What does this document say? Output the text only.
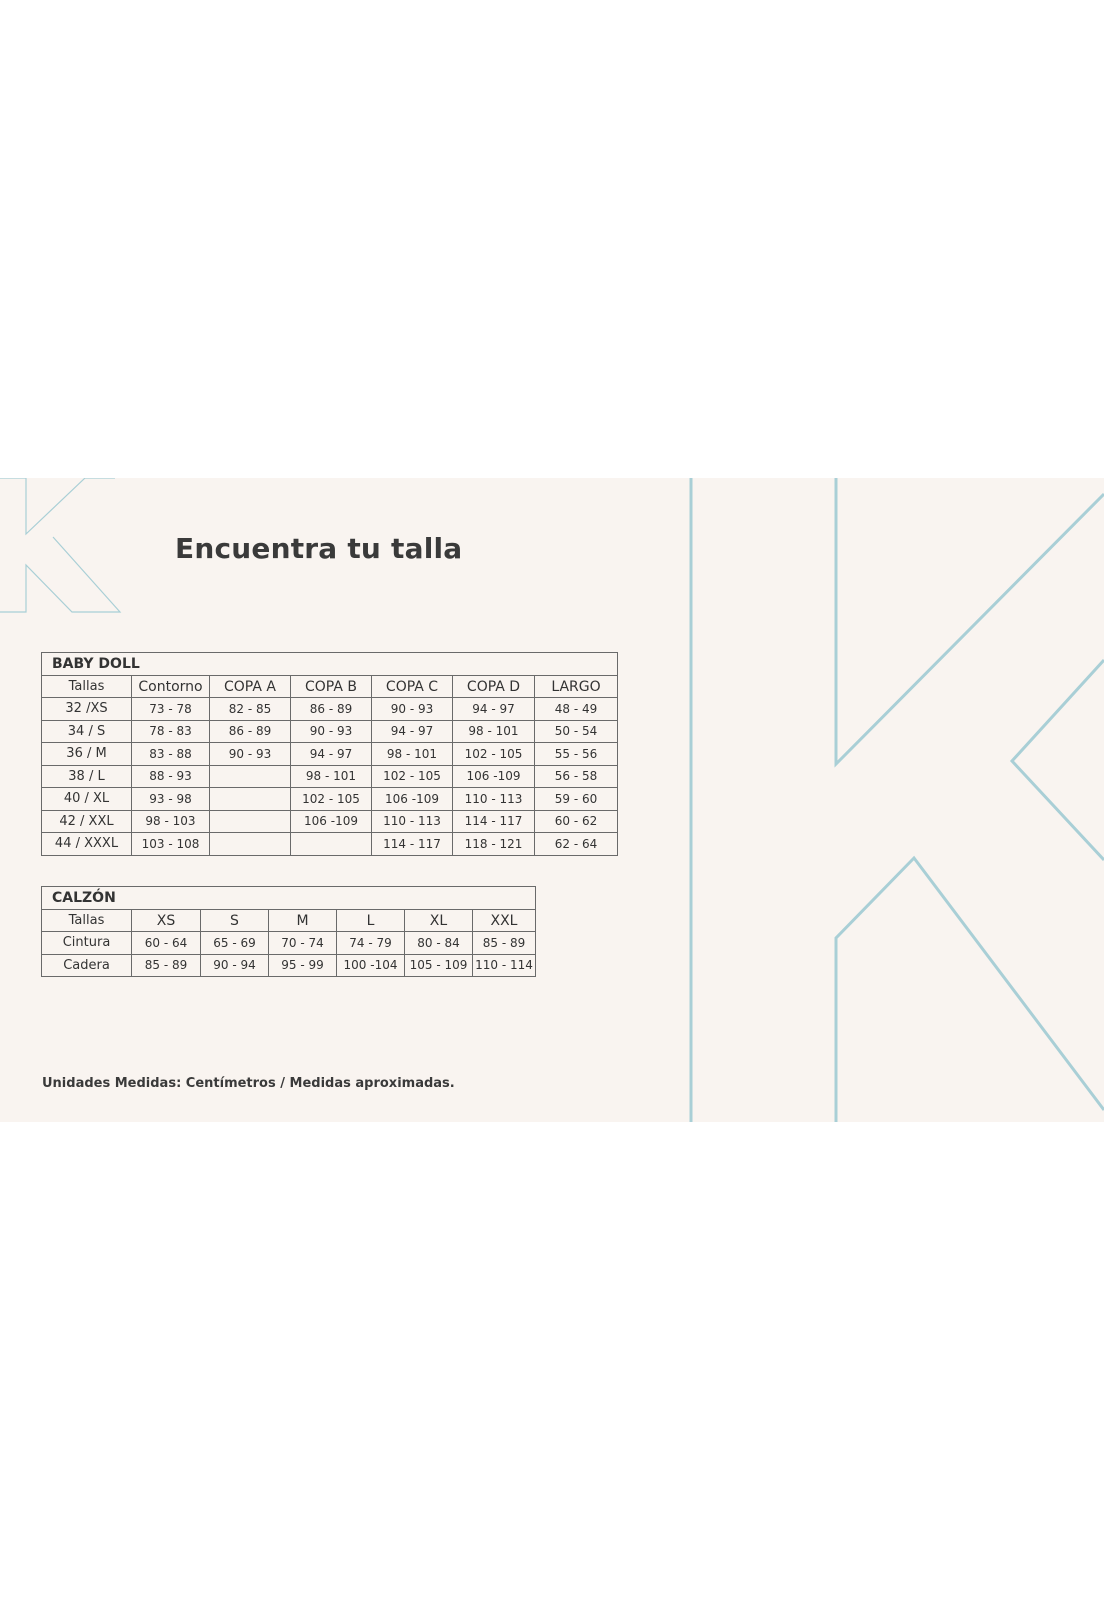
Encuentra tu talla
BABY DOLL						
Tallas	Contorno	COPA A	COPA B	COPA C	COPA D	LARGO
32 /XS	73 - 78	82 - 85	86 - 89	90 - 93	94 - 97	48 - 49
34 / S	78 - 83	86 - 89	90 - 93	94 - 97	98 - 101	50 - 54
36 / M	83 - 88	90 - 93	94 - 97	98 - 101	102 - 105	55 - 56
38 / L	88 - 93		98 - 101	102 - 105	106 -109	56 - 58
40 / XL	93 - 98		102 - 105	106 -109	110 - 113	59 - 60
42 / XXL	98 - 103		106 -109	110 - 113	114 - 117	60 - 62
44 / XXXL	103 - 108			114 - 117	118 - 121	62 - 64
CALZÓN						
Tallas	XS	S	M	L	XL	XXL
Cintura	60 - 64	65 - 69	70 - 74	74 - 79	80 - 84	85 - 89
Cadera	85 - 89	90 - 94	95 - 99	100 -104	105 - 109	110 - 114

Unidades Medidas: Centímetros / Medidas aproximadas.
